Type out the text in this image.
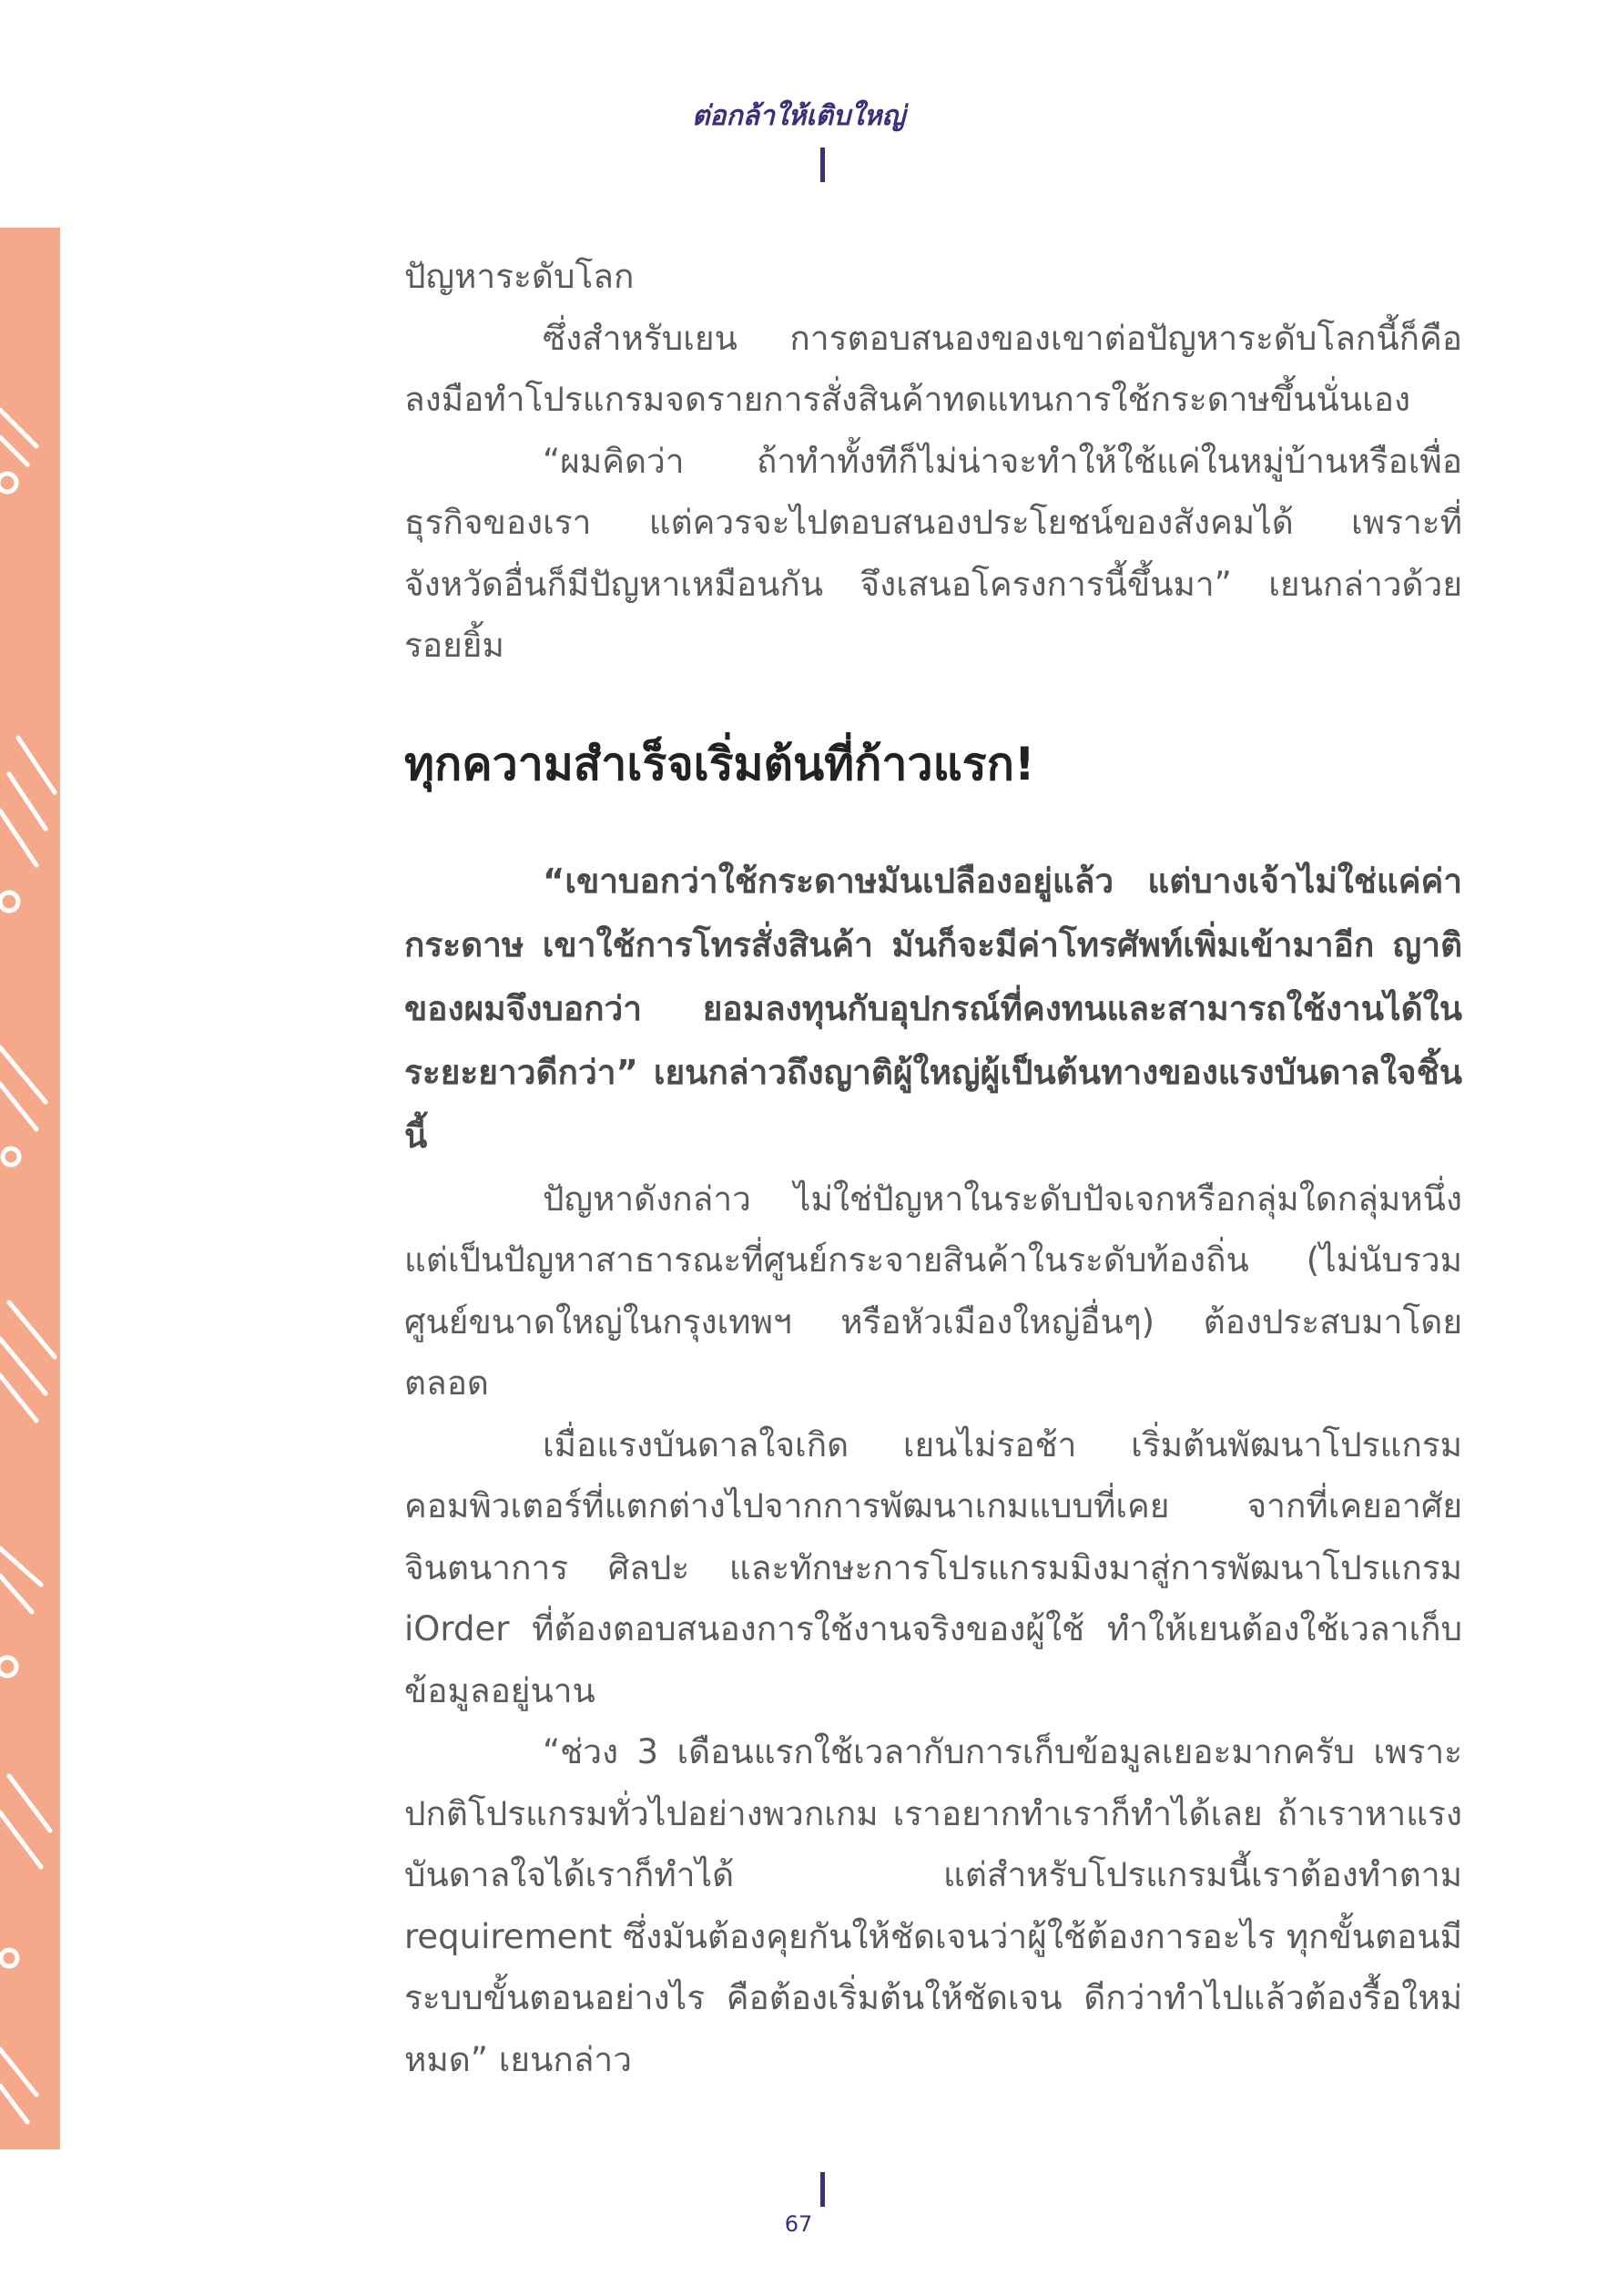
ต่อกล้าให้เติบใหญ่

ปัญหาระดับโลก

ซึ่งสำหรับเยน การตอบสนองของเขาต่อปัญหาระดับโลกนี้ก็คือ ลงมือทำโปรแกรมจดรายการสั่งสินค้าทดแทนการใช้กระดาษขึ้นนั่นเอง

“ผมคิดว่า ถ้าทำทั้งทีก็ไม่น่าจะทำให้ใช้แค่ในหมู่บ้านหรือเพื่อธุรกิจของเรา แต่ควรจะไปตอบสนองประโยชน์ของสังคมได้ เพราะที่จังหวัดอื่นก็มีปัญหาเหมือนกัน จึงเสนอโครงการนี้ขึ้นมา” เยนกล่าวด้วยรอยยิ้ม

ทุกความสำเร็จเริ่มต้นที่ก้าวแรก!

“เขาบอกว่าใช้กระดาษมันเปลืองอยู่แล้ว แต่บางเจ้าไม่ใช่แค่ค่ากระดาษ เขาใช้การโทรสั่งสินค้า มันก็จะมีค่าโทรศัพท์เพิ่มเข้ามาอีก ญาติของผมจึงบอกว่า ยอมลงทุนกับอุปกรณ์ที่คงทนและสามารถใช้งานได้ในระยะยาวดีกว่า” เยนกล่าวถึงญาติผู้ใหญ่ผู้เป็นต้นทางของแรงบันดาลใจชิ้นนี้

ปัญหาดังกล่าว ไม่ใช่ปัญหาในระดับปัจเจกหรือกลุ่มใดกลุ่มหนึ่ง แต่เป็นปัญหาสาธารณะที่ศูนย์กระจายสินค้าในระดับท้องถิ่น (ไม่นับรวมศูนย์ขนาดใหญ่ในกรุงเทพฯ หรือหัวเมืองใหญ่อื่นๆ) ต้องประสบมาโดยตลอด

เมื่อแรงบันดาลใจเกิด เยนไม่รอช้า เริ่มต้นพัฒนาโปรแกรมคอมพิวเตอร์ที่แตกต่างไปจากการพัฒนาเกมแบบที่เคย จากที่เคยอาศัยจินตนาการ ศิลปะ และทักษะการโปรแกรมมิงมาสู่การพัฒนาโปรแกรม iOrder ที่ต้องตอบสนองการใช้งานจริงของผู้ใช้ ทำให้เยนต้องใช้เวลาเก็บข้อมูลอยู่นาน

“ช่วง 3 เดือนแรกใช้เวลากับการเก็บข้อมูลเยอะมากครับ เพราะปกติโปรแกรมทั่วไปอย่างพวกเกม เราอยากทำเราก็ทำได้เลย ถ้าเราหาแรงบันดาลใจได้เราก็ทำได้ แต่สำหรับโปรแกรมนี้เราต้องทำตาม requirement ซึ่งมันต้องคุยกันให้ชัดเจนว่าผู้ใช้ต้องการอะไร ทุกขั้นตอนมีระบบขั้นตอนอย่างไร คือต้องเริ่มต้นให้ชัดเจน ดีกว่าทำไปแล้วต้องรื้อใหม่หมด” เยนกล่าว

67
